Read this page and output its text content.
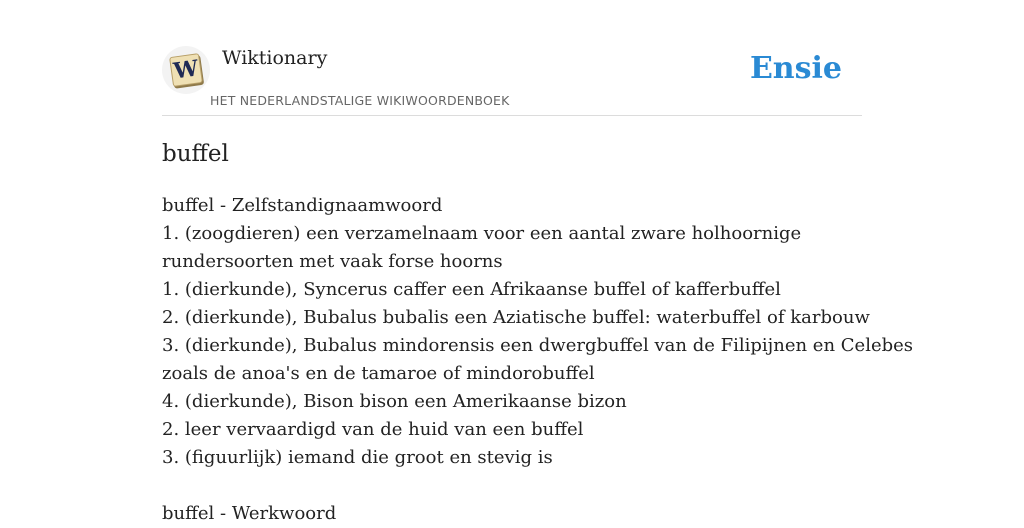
W Wiktionary
HET NEDERLANDSTALIGE WIKIWOORDENBOEK
Ensie
buffel
buffel - Zelfstandignaamwoord
1. (zoogdieren) een verzamelnaam voor een aantal zware holhoornige
rundersoorten met vaak forse hoorns
1. (dierkunde), Syncerus caffer een Afrikaanse buffel of kafferbuffel
2. (dierkunde), Bubalus bubalis een Aziatische buffel: waterbuffel of karbouw
3. (dierkunde), Bubalus mindorensis een dwergbuffel van de Filipijnen en Celebes
zoals de anoa's en de tamaroe of mindorobuffel
4. (dierkunde), Bison bison een Amerikaanse bizon
2. leer vervaardigd van de huid van een buffel
3. (figuurlijk) iemand die groot en stevig is
buffel - Werkwoord
